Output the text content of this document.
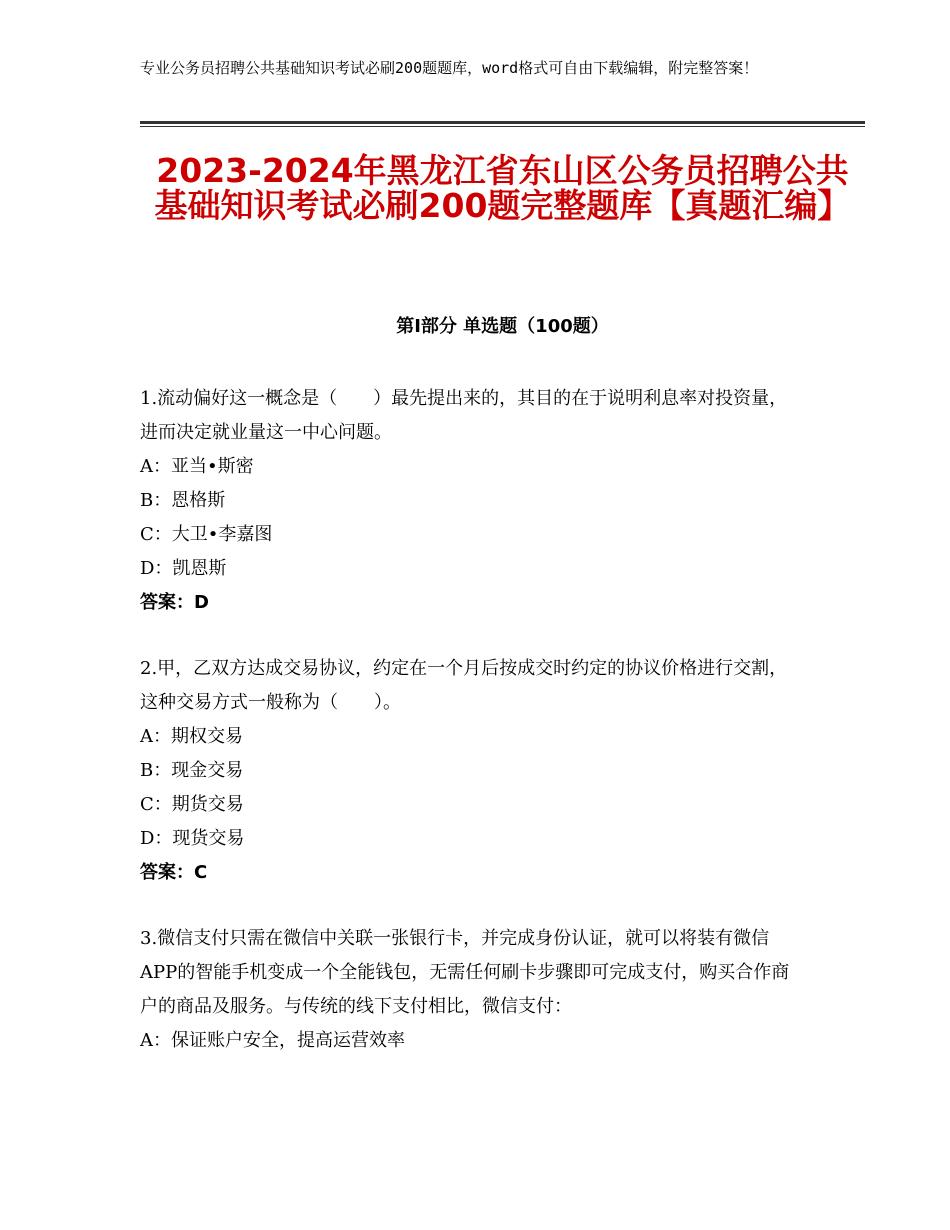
专业公务员招聘公共基础知识考试必刷200题题库，word格式可自由下载编辑，附完整答案！
2023-2024年黑龙江省东山区公务员招聘公共基础知识考试必刷200题完整题库【真题汇编】
第Ⅰ部分 单选题（100题）

1.流动偏好这一概念是（　　）最先提出来的，其目的在于说明利息率对投资量，进而决定就业量这一中心问题。

A：亚当•斯密

B：恩格斯

C：大卫•李嘉图

D：凯恩斯

答案：D

2.甲，乙双方达成交易协议，约定在一个月后按成交时约定的协议价格进行交割，这种交易方式一般称为（　　）。

A：期权交易

B：现金交易

C：期货交易

D：现货交易

答案：C

3.微信支付只需在微信中关联一张银行卡，并完成身份认证，就可以将装有微信APP的智能手机变成一个全能钱包，无需任何刷卡步骤即可完成支付，购买合作商户的商品及服务。与传统的线下支付相比，微信支付：

A：保证账户安全，提高运营效率
